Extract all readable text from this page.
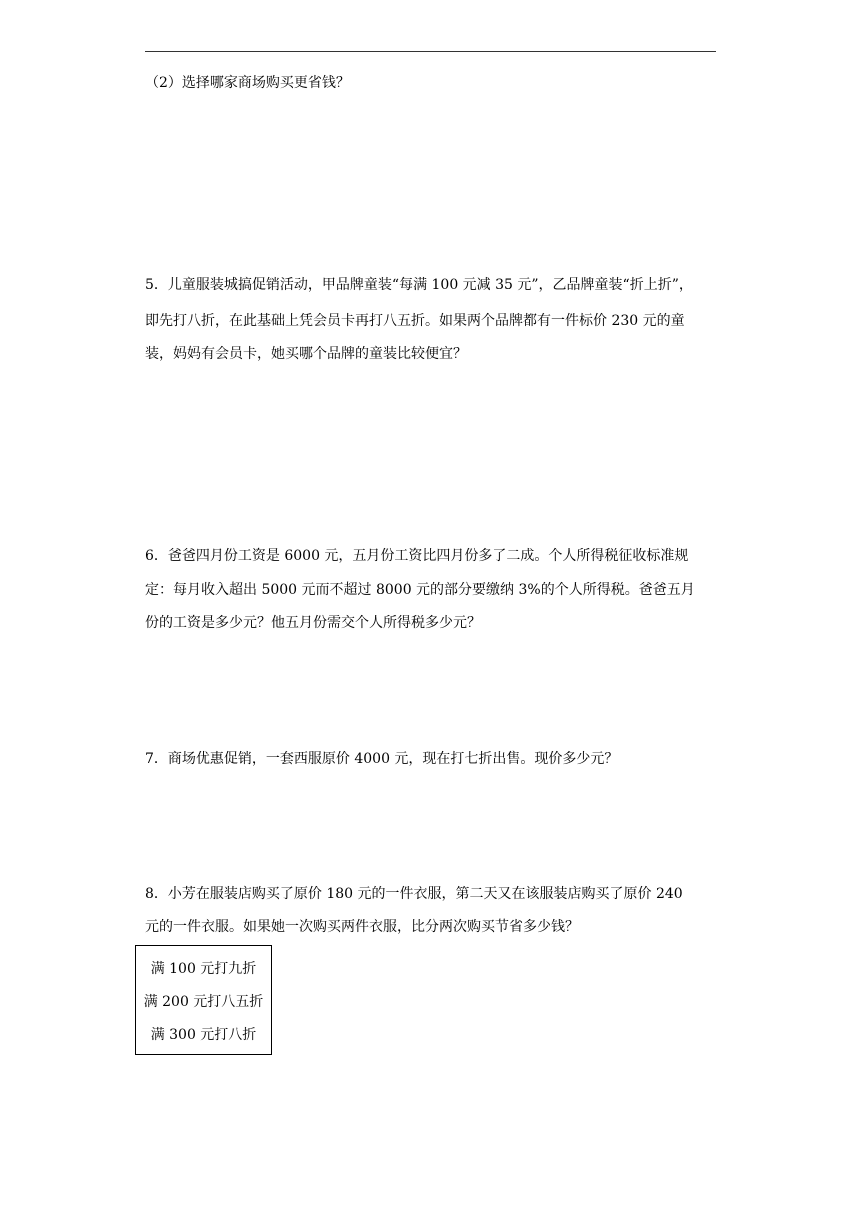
（2）选择哪家商场购买更省钱？
5．儿童服装城搞促销活动，甲品牌童装“每满 100 元减 35 元”，乙品牌童装“折上折”，
即先打八折，在此基础上凭会员卡再打八五折。如果两个品牌都有一件标价 230 元的童
装，妈妈有会员卡，她买哪个品牌的童装比较便宜？
6．爸爸四月份工资是 6000 元，五月份工资比四月份多了二成。个人所得税征收标准规
定：每月收入超出 5000 元而不超过 8000 元的部分要缴纳 3%的个人所得税。爸爸五月
份的工资是多少元？他五月份需交个人所得税多少元？
7．商场优惠促销，一套西服原价 4000 元，现在打七折出售。现价多少元？
8．小芳在服装店购买了原价 180 元的一件衣服，第二天又在该服装店购买了原价 240
元的一件衣服。如果她一次购买两件衣服，比分两次购买节省多少钱？
满 100 元打九折
满 200 元打八五折
满 300 元打八折
